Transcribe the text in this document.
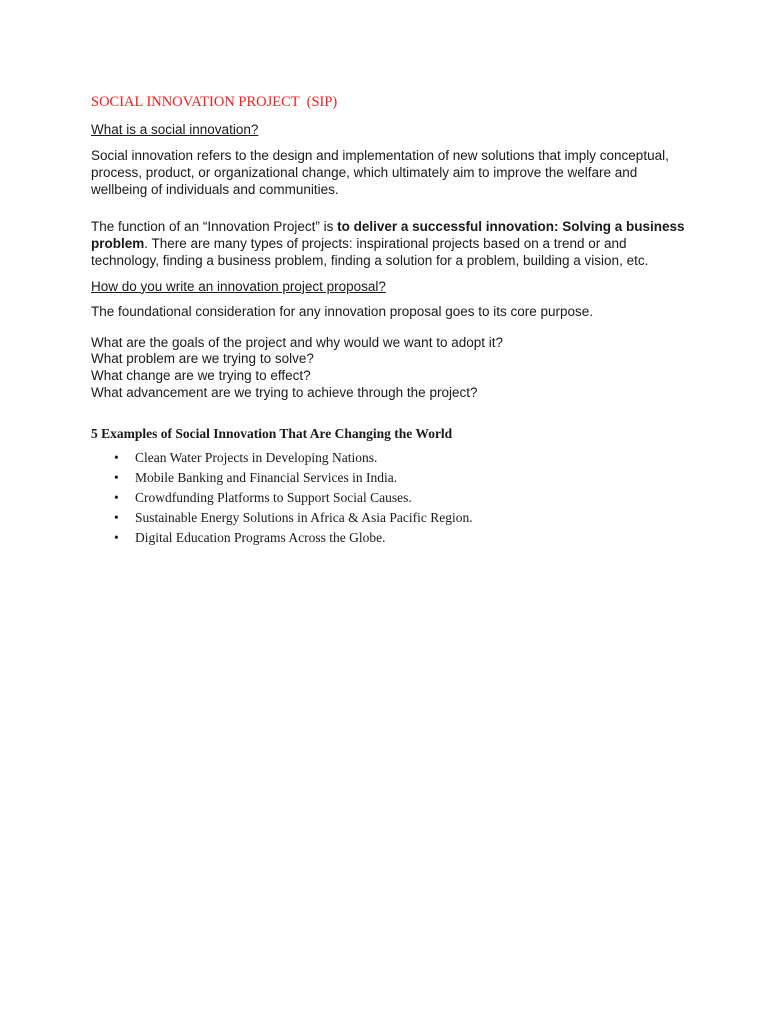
SOCIAL INNOVATION PROJECT  (SIP)
What is a social innovation?

Social innovation refers to the design and implementation of new solutions that imply conceptual, process, product, or organizational change, which ultimately aim to improve the welfare and wellbeing of individuals and communities.

The function of an “Innovation Project” is to deliver a successful innovation: Solving a business problem. There are many types of projects: inspirational projects based on a trend or and technology, finding a business problem, finding a solution for a problem, building a vision, etc.

How do you write an innovation project proposal?

The foundational consideration for any innovation proposal goes to its core purpose.

What are the goals of the project and why would we want to adopt it?
What problem are we trying to solve?
What change are we trying to effect?
What advancement are we trying to achieve through the project?

5 Examples of Social Innovation That Are Changing the World
• Clean Water Projects in Developing Nations.
• Mobile Banking and Financial Services in India.
• Crowdfunding Platforms to Support Social Causes.
• Sustainable Energy Solutions in Africa & Asia Pacific Region.
• Digital Education Programs Across the Globe.
